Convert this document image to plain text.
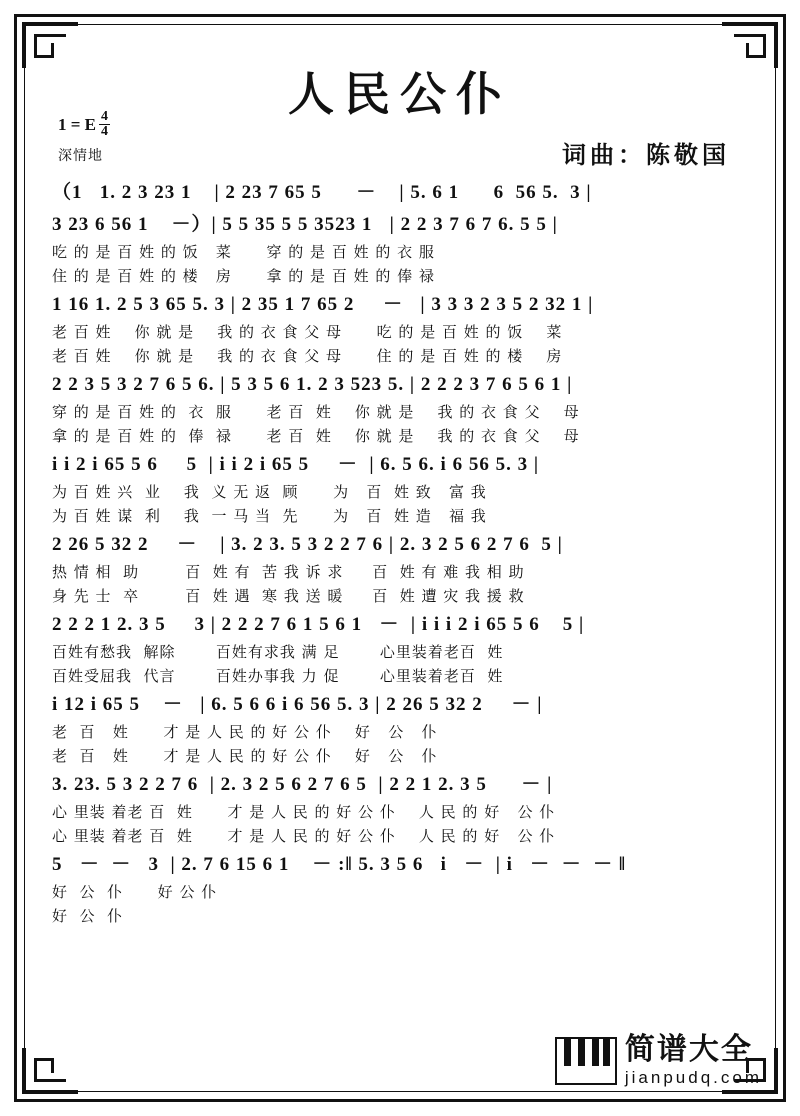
人民公仆
1 = E $\frac{4}{4}$
深情地	词曲：陈敬国
（1   1. 2 3 23 1    | 2 23 7 65 5      －    | 5. 6 1      6  56 5.  3 |
3 23 6 56 1    －）| 5 5 35 5 5 3523 1   | 2 2 3 7 6 7 6. 5 5 |
吃 的 是 百 姓 的 饭   菜      穿 的 是 百 姓 的 衣 服
住 的 是 百 姓 的 楼   房      拿 的 是 百 姓 的 俸 禄
1 16 1. 2 5 3 65 5. 3 | 2 35 1 7 65 2     －   | 3 3 3 2 3 5 2 32 1 |
老 百 姓    你 就 是    我 的 衣 食 父 母      吃 的 是 百 姓 的 饭    菜
老 百 姓    你 就 是    我 的 衣 食 父 母      住 的 是 百 姓 的 楼    房
2 2 3 5 3 2 7 6 5 6. | 5 3 5 6 1. 2 3 523 5. | 2 2 2 3 7 6 5 6 1 |
穿 的 是 百 姓 的  衣  服      老 百  姓    你 就 是    我 的 衣 食 父    母
拿 的 是 百 姓 的  俸  禄      老 百  姓    你 就 是    我 的 衣 食 父    母
i i 2 i 65 5 6     5  | i i 2 i 65 5     －  | 6. 5 6. i 6 56 5. 3 |
为 百 姓 兴  业    我  义 无 返  顾      为   百  姓 致   富 我
为 百 姓 谋  利    我  一 马 当  先      为   百  姓 造   福 我
2 26 5 32 2     －    | 3. 2 3. 5 3 2 2 7 6 | 2. 3 2 5 6 2 7 6  5 |
热 情 相  助        百  姓 有  苦 我 诉 求     百  姓 有 难 我 相 助
身 先 士  卒        百  姓 遇  寒 我 送 暖     百  姓 遭 灾 我 援 救
2 2 2 1 2. 3 5     3 | 2 2 2 7 6 1 5 6 1   －  | i i i 2 i 65 5 6    5 |
百姓有愁我  解除       百姓有求我 满 足       心里装着老百  姓
百姓受屈我  代言       百姓办事我 力 促       心里装着老百  姓
i 12 i 65 5    －   | 6. 5 6 6 i 6 56 5. 3 | 2 26 5 32 2     － |
老  百   姓      才 是 人 民 的 好 公 仆    好   公   仆
老  百   姓      才 是 人 民 的 好 公 仆    好   公   仆
3. 23. 5 3 2 2 7 6  | 2. 3 2 5 6 2 7 6 5  | 2 2 1 2. 3 5      － |
心 里装 着老 百  姓      才 是 人 民 的 好 公 仆    人 民 的 好   公 仆
心 里装 着老 百  姓      才 是 人 民 的 好 公 仆    人 民 的 好   公 仆
5   －  －   3  | 2. 7 6 15 6 1    － :‖ 5. 3 5 6   i   －  | i   －  －  － ‖
好  公  仆      好 公 仆
好  公  仆
简谱大全
jianpudq.com
